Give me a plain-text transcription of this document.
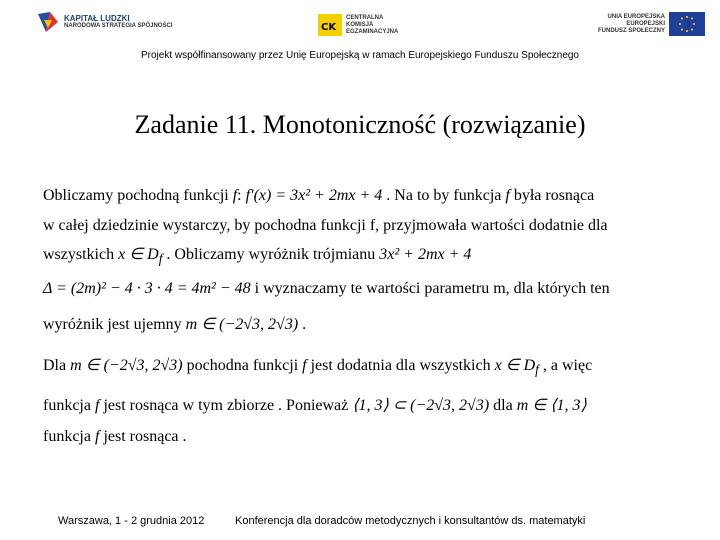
KAPITAŁ LUDZKI
NARODOWA STRATEGIA SPÓJNOŚCI	CK
CENTRALNA
KOMISJA
EGZAMINACYJNA
UNIA EUROPEJSKA
EUROPEJSKI
FUNDUSZ SPOŁECZNY
Projekt współfinansowany przez Unię Europejską w ramach Europejskiego Funduszu Społecznego
Zadanie 11. Monotoniczność (rozwiązanie)
Obliczamy pochodną funkcji f: f′(x) = 3x² + 2mx + 4 . Na to by funkcja f była rosnąca
w całej dziedzinie wystarczy, by pochodna funkcji f, przyjmowała wartości dodatnie dla
wszystkich x ∈ $D_f$ . Obliczamy wyróżnik trójmianu 3x² + 2mx + 4
Δ = (2m)² − 4 · 3 · 4 = 4m² − 48 i wyznaczamy te wartości parametru m, dla których ten
wyróżnik jest ujemny m ∈ (−2√3, 2√3) .
Dla m ∈ (−2√3, 2√3) pochodna funkcji f jest dodatnia dla wszystkich x ∈ $D_f$ , a więc
funkcja f jest rosnąca w tym zbiorze . Ponieważ ⟨1, 3⟩ ⊂ (−2√3, 2√3) dla m ∈ ⟨1, 3⟩
funkcja f jest rosnąca .
Warszawa, 1 - 2 grudnia 2012	Konferencja dla doradców metodycznych i konsultantów ds. matematyki
